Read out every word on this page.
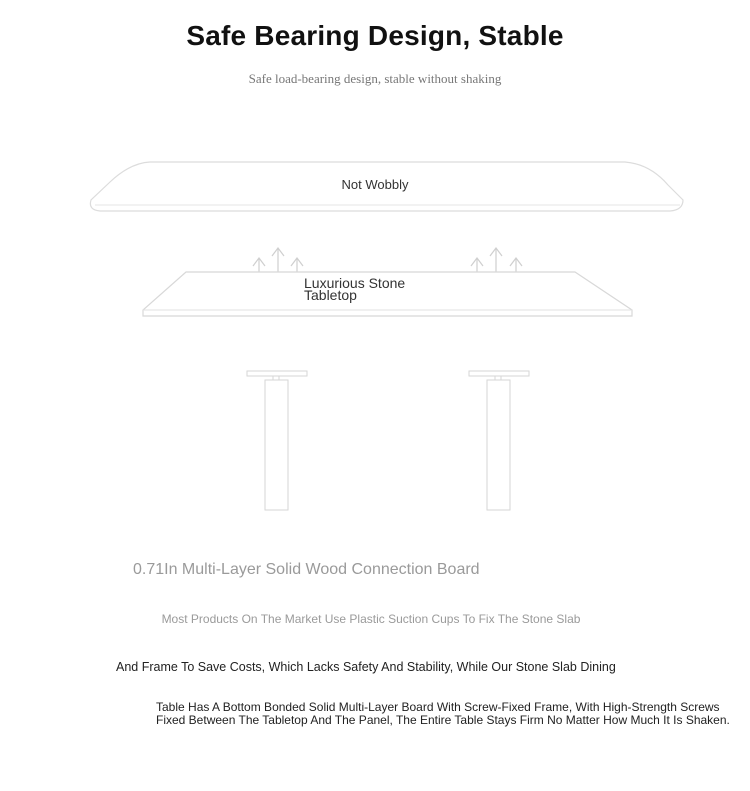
Safe Bearing Design, Stable
Safe load-bearing design, stable without shaking
Not Wobbly
Luxurious Stone
Tabletop
0.71In Multi-Layer Solid Wood Connection Board
Most Products On The Market Use Plastic Suction Cups To Fix The Stone Slab
And Frame To Save Costs, Which Lacks Safety And Stability, While Our Stone Slab Dining
Table Has A Bottom Bonded Solid Multi-Layer Board With Screw-Fixed Frame, With High-Strength Screws
Fixed Between The Tabletop And The Panel, The Entire Table Stays Firm No Matter How Much It Is Shaken.
